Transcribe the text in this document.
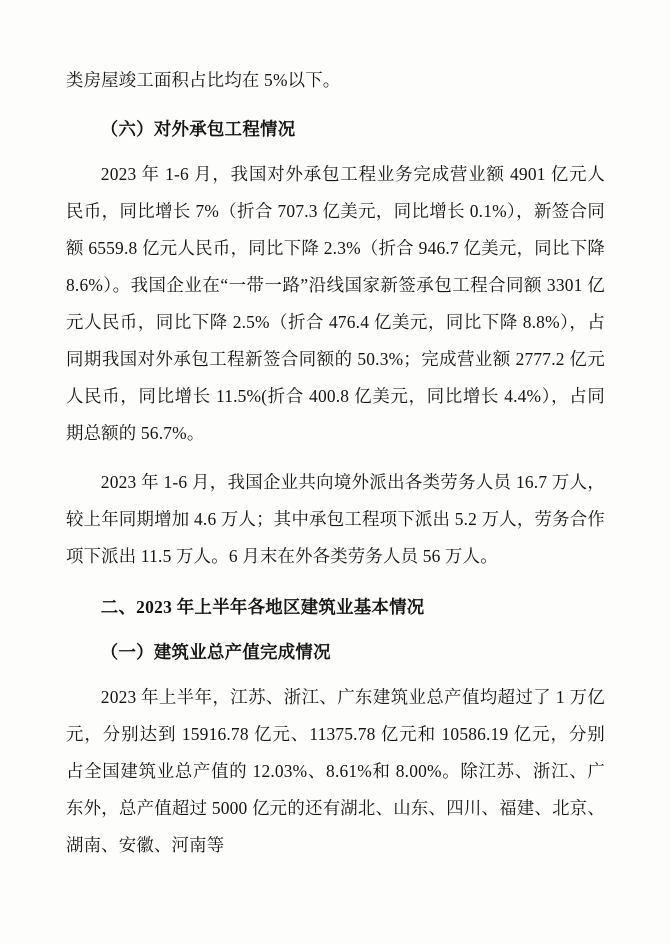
类房屋竣工面积占比均在 5%以下。

（六）对外承包工程情况

2023 年 1-6 月，我国对外承包工程业务完成营业额 4901 亿元人民币，同比增长 7%（折合 707.3 亿美元，同比增长 0.1%），新签合同额 6559.8 亿元人民币，同比下降 2.3%（折合 946.7 亿美元，同比下降 8.6%）。我国企业在“一带一路”沿线国家新签承包工程合同额 3301 亿元人民币，同比下降 2.5%（折合 476.4 亿美元，同比下降 8.8%），占同期我国对外承包工程新签合同额的 50.3%；完成营业额 2777.2 亿元人民币，同比增长 11.5%(折合 400.8 亿美元，同比增长 4.4%），占同期总额的 56.7%。

2023 年 1-6 月，我国企业共向境外派出各类劳务人员 16.7 万人，较上年同期增加 4.6 万人；其中承包工程项下派出 5.2 万人，劳务合作项下派出 11.5 万人。6 月末在外各类劳务人员 56 万人。

二、2023 年上半年各地区建筑业基本情况

（一）建筑业总产值完成情况

2023 年上半年，江苏、浙江、广东建筑业总产值均超过了 1 万亿元，分别达到 15916.78 亿元、11375.78 亿元和 10586.19 亿元，分别占全国建筑业总产值的 12.03%、8.61%和 8.00%。除江苏、浙江、广东外，总产值超过 5000 亿元的还有湖北、山东、四川、福建、北京、湖南、安徽、河南等
